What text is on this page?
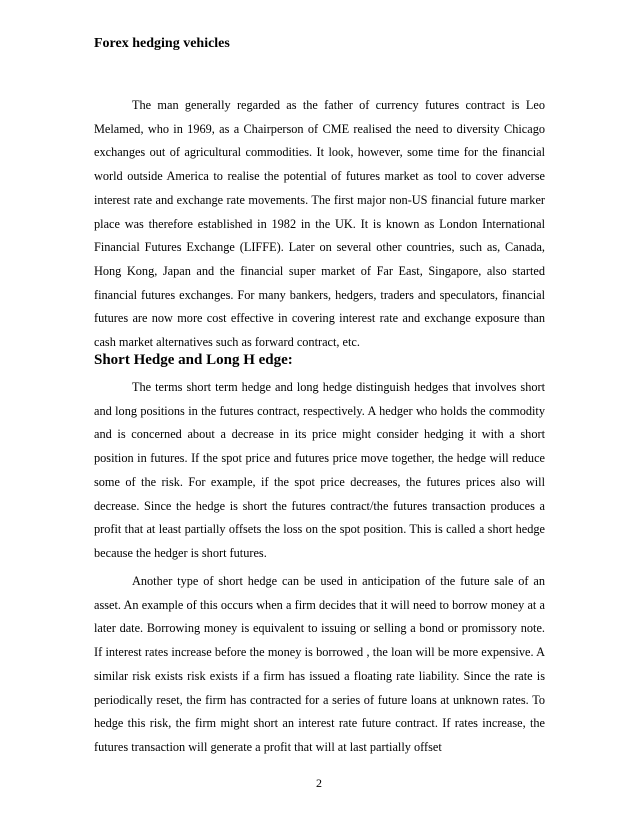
Forex hedging vehicles

The man generally regarded as the father of currency futures contract is Leo Melamed, who in 1969, as a Chairperson of CME realised the need to diversity Chicago exchanges out of agricultural commodities. It look, however, some time for the financial world outside America to realise the potential of futures market as tool to cover adverse interest rate and exchange rate movements. The first major non-US financial future marker place was therefore established in 1982 in the UK. It is known as London International Financial Futures Exchange (LIFFE). Later on several other countries, such as, Canada, Hong Kong, Japan and the financial super market of Far East, Singapore, also started financial futures exchanges. For many bankers, hedgers, traders and speculators, financial futures are now more cost effective in covering interest rate and exchange exposure than cash market alternatives such as forward contract, etc.

Short Hedge and Long H edge:

The terms short term hedge and long hedge distinguish hedges that involves short and long positions in the futures contract, respectively. A hedger who holds the commodity and is concerned about a decrease in its price might consider hedging it with a short position in futures. If the spot price and futures price move together, the hedge will reduce some of the risk. For example, if the spot price decreases, the futures prices also will decrease. Since the hedge is short the futures contract/the futures transaction produces a profit that at least partially offsets the loss on the spot position. This is called a short hedge because the hedger is short futures.

Another type of short hedge can be used in anticipation of the future sale of an asset. An example of this occurs when a firm decides that it will need to borrow money at a later date. Borrowing money is equivalent to issuing or selling a bond or promissory note. If interest rates increase before the money is borrowed , the loan will be more expensive. A similar risk exists risk exists if a firm has issued a floating rate liability. Since the rate is periodically reset, the firm has contracted for a series of future loans at unknown rates. To hedge this risk, the firm might short an interest rate future contract. If rates increase, the futures transaction will generate a profit that will at last partially offset

2
